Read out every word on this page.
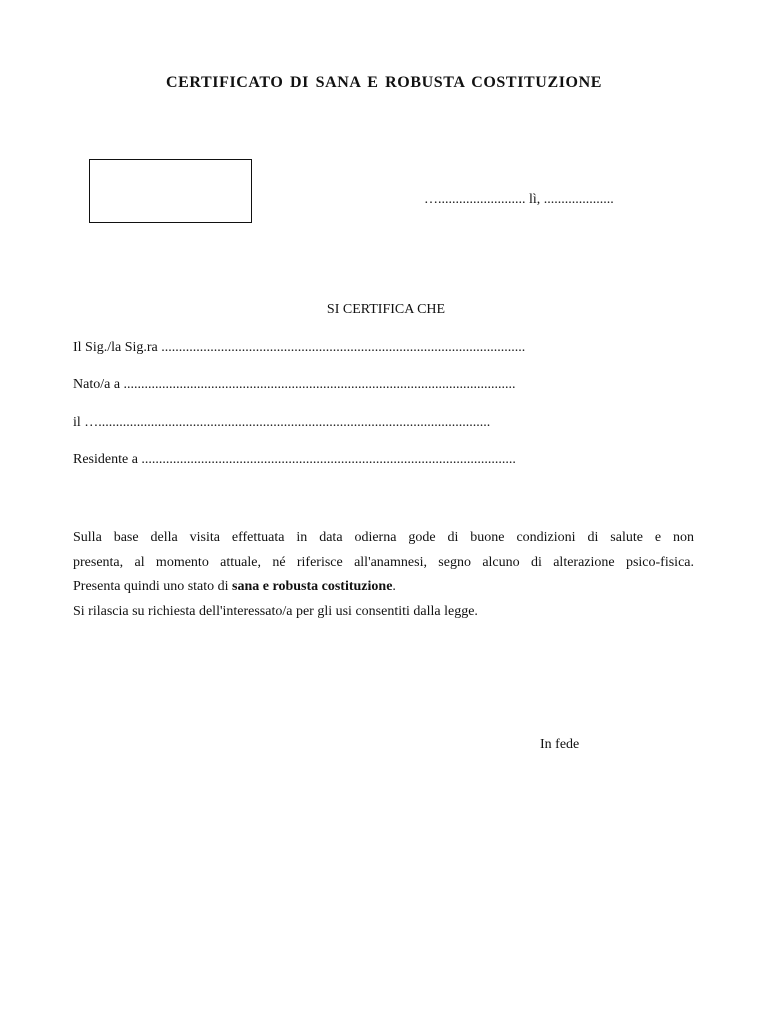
CERTIFICATO DI SANA E ROBUSTA COSTITUZIONE
…......................... lì, ....................
SI CERTIFICA CHE
Il Sig./la Sig.ra ........................................................................................................
Nato/a a ................................................................................................................
il …................................................................................................................
Residente a ...........................................................................................................
Sulla base della visita effettuata in data odierna gode di buone condizioni di salute e non
presenta, al momento attuale, né riferisce all'anamnesi, segno alcuno di alterazione psico-fisica.
Presenta quindi uno stato di sana e robusta costituzione.
Si rilascia su richiesta dell'interessato/a per gli usi consentiti dalla legge.
In fede
